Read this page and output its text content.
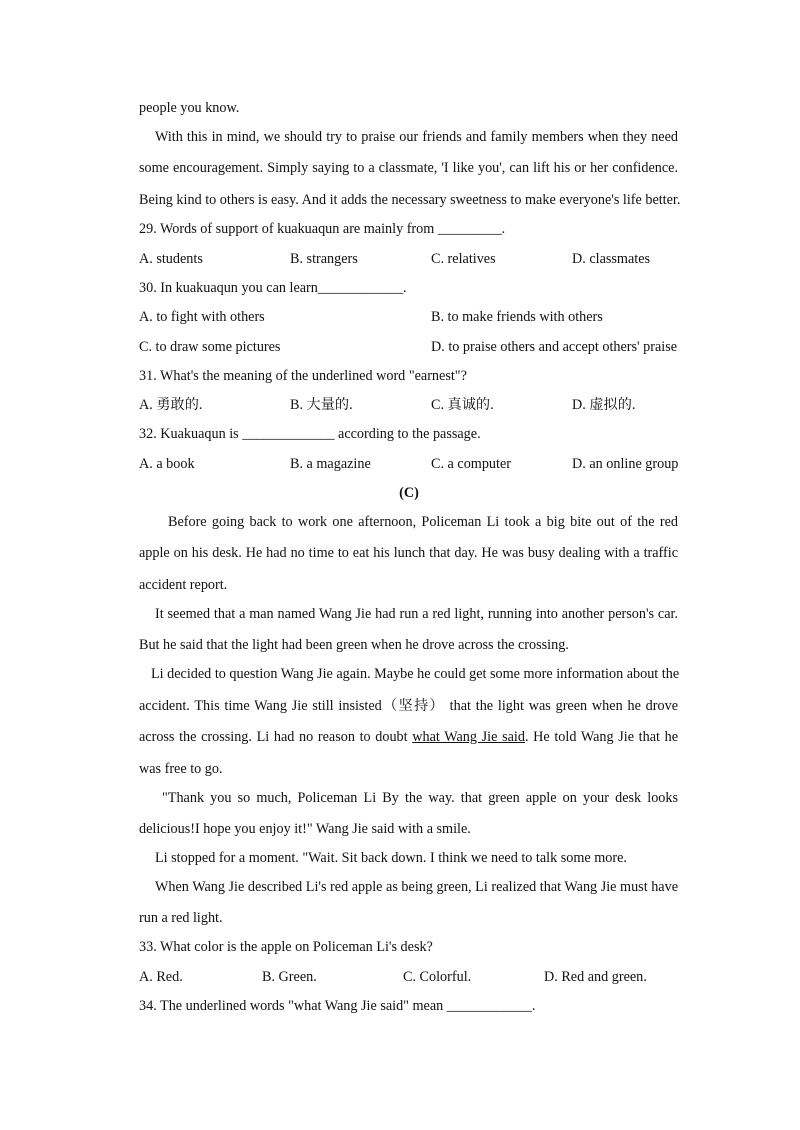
people you know.
With this in mind, we should try to praise our friends and family members when they need
some encouragement. Simply saying to a classmate, 'I like you', can lift his or her confidence.
Being kind to others is easy. And it adds the necessary sweetness to make everyone's life better.
29. Words of support of kuakuaqun are mainly from _________.
A. students	B. strangers	C. relatives	D. classmates
30. In kuakuaqun you can learn____________.
A. to fight with others	B. to make friends with others
C. to draw some pictures	D. to praise others and accept others' praise
31. What's the meaning of the underlined word "earnest"?
A. 勇敢的.	B. 大量的.	C. 真诚的.	D. 虚拟的.
32. Kuakuaqun is _____________ according to the passage.
A. a book	B. a magazine	C. a computer	D. an online group
(C)
Before going back to work one afternoon, Policeman Li took a big bite out of the red
apple on his desk. He had no time to eat his lunch that day. He was busy dealing with a traffic
accident report.
It seemed that a man named Wang Jie had run a red light, running into another person's car.
But he said that the light had been green when he drove across the crossing.
Li decided to question Wang Jie again. Maybe he could get some more information about the
accident. This time Wang Jie still insisted（坚持） that the light was green when he drove
across the crossing. Li had no reason to doubt what Wang Jie said. He told Wang Jie that he
was free to go.
"Thank you so much, Policeman Li By the way. that green apple on your desk looks
delicious!I hope you enjoy it!" Wang Jie said with a smile.
Li stopped for a moment. "Wait. Sit back down. I think we need to talk some more.
When Wang Jie described Li's red apple as being green, Li realized that Wang Jie must have
run a red light.
33. What color is the apple on Policeman Li's desk?
A. Red.	B. Green.	C. Colorful.	D. Red and green.
34. The underlined words "what Wang Jie said" mean ____________.
